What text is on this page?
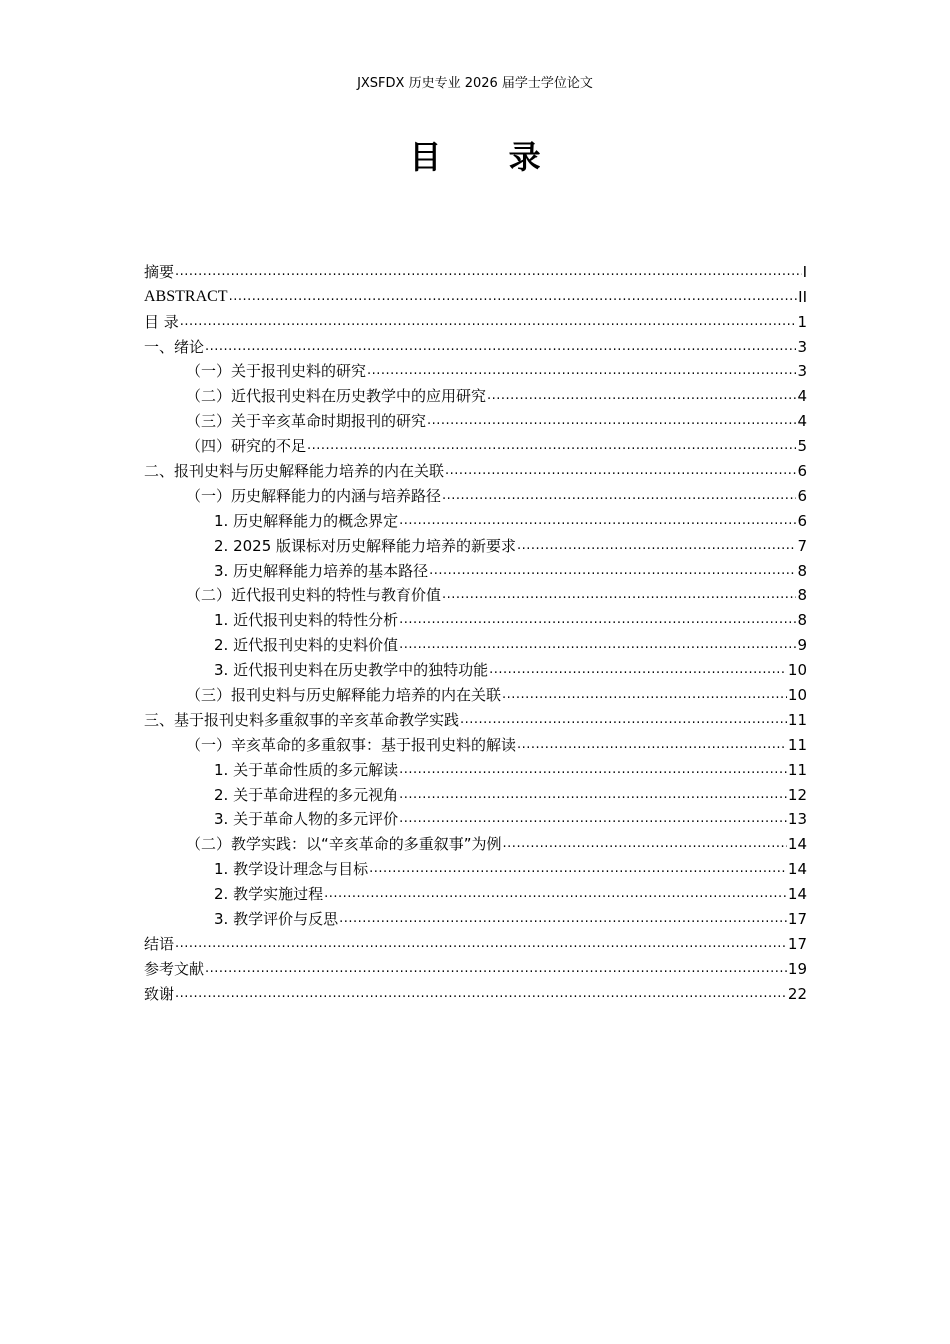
JXSFDX 历史专业 2026 届学士学位论文
目 录
摘要 .....	I
ABSTRACT .....	II
目 录 .....	1
一、绪论 .....	3
（一）关于报刊史料的研究 .....	3
（二）近代报刊史料在历史教学中的应用研究 .....	4
（三）关于辛亥革命时期报刊的研究 .....	4
（四）研究的不足 .....	5
二、报刊史料与历史解释能力培养的内在关联 .....	6
（一）历史解释能力的内涵与培养路径 .....	6
1. 历史解释能力的概念界定 .....	6
2. 2025 版课标对历史解释能力培养的新要求 .....	7
3. 历史解释能力培养的基本路径 .....	8
（二）近代报刊史料的特性与教育价值 .....	8
1. 近代报刊史料的特性分析 .....	8
2. 近代报刊史料的史料价值 .....	9
3. 近代报刊史料在历史教学中的独特功能 .....	10
（三）报刊史料与历史解释能力培养的内在关联 .....	10
三、基于报刊史料多重叙事的辛亥革命教学实践 .....	11
（一）辛亥革命的多重叙事：基于报刊史料的解读 .....	11
1. 关于革命性质的多元解读 .....	11
2. 关于革命进程的多元视角 .....	12
3. 关于革命人物的多元评价 .....	13
（二）教学实践：以“辛亥革命的多重叙事”为例 .....	14
1. 教学设计理念与目标 .....	14
2. 教学实施过程 .....	14
3. 教学评价与反思 .....	17
结语 .....	17
参考文献 .....	19
致谢 .....	22
